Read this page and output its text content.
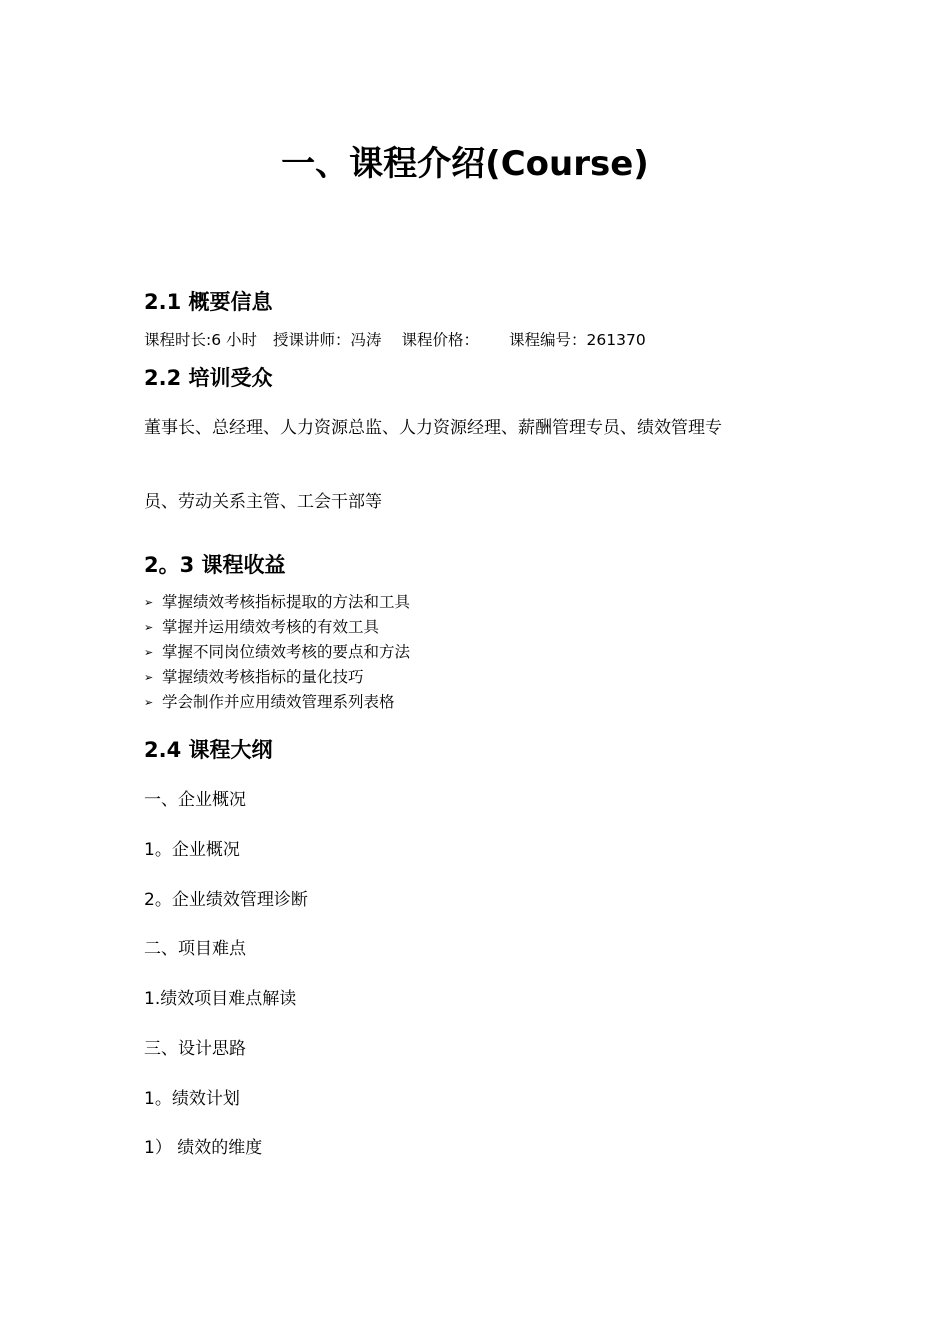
一、课程介绍(Course)
2.1 概要信息
课程时长:6 小时 授课讲师：冯涛 课程价格： 课程编号：261370
2.2 培训受众
董事长、总经理、人力资源总监、人力资源经理、薪酬管理专员、绩效管理专
员、劳动关系主管、工会干部等
2。3 课程收益
➢ 掌握绩效考核指标提取的方法和工具
➢ 掌握并运用绩效考核的有效工具
➢ 掌握不同岗位绩效考核的要点和方法
➢ 掌握绩效考核指标的量化技巧
➢ 学会制作并应用绩效管理系列表格
2.4 课程大纲
一、企业概况
1。企业概况
2。企业绩效管理诊断
二、项目难点
1.绩效项目难点解读
三、设计思路
1。绩效计划
1） 绩效的维度
